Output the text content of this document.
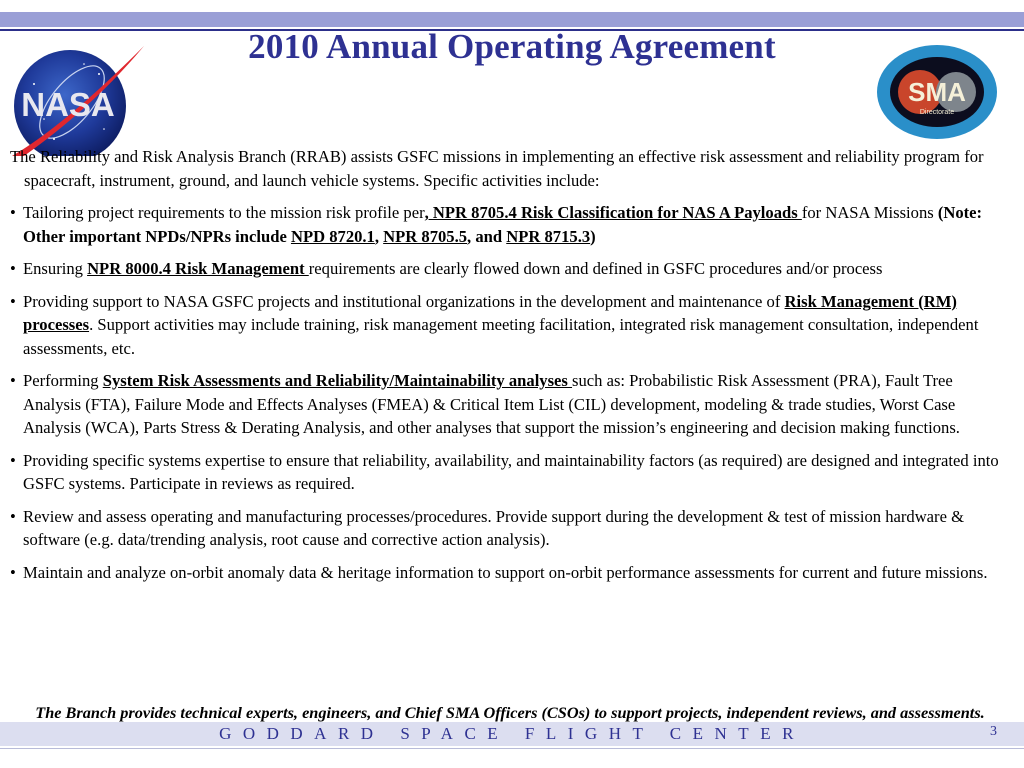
2010 Annual Operating Agreement
NASA	SMA
Directorate

The Reliability and Risk Analysis Branch (RRAB) assists GSFC missions in implementing an effective risk assessment and reliability program for spacecraft, instrument, ground, and launch vehicle systems. Specific activities include:

• Tailoring project requirements to the mission risk profile per, NPR 8705.4 Risk Classification for NAS A Payloads for NASA Missions (Note: Other important NPDs/NPRs include NPD 8720.1, NPR 8705.5, and NPR 8715.3)
• Ensuring NPR 8000.4 Risk Management requirements are clearly flowed down and defined in GSFC procedures and/or process
• Providing support to NASA GSFC projects and institutional organizations in the development and maintenance of Risk Management (RM) processes. Support activities may include training, risk management meeting facilitation, integrated risk management consultation, independent assessments, etc.
• Performing System Risk Assessments and Reliability/Maintainability analyses such as: Probabilistic Risk Assessment (PRA), Fault Tree Analysis (FTA), Failure Mode and Effects Analyses (FMEA) & Critical Item List (CIL) development, modeling & trade studies, Worst Case Analysis (WCA), Parts Stress & Derating Analysis, and other analyses that support the mission’s engineering and decision making functions.
• Providing specific systems expertise to ensure that reliability, availability, and maintainability factors (as required) are designed and integrated into GSFC systems. Participate in reviews as required.
• Review and assess operating and manufacturing processes/procedures. Provide support during the development & test of mission hardware & software (e.g. data/trending analysis, root cause and corrective action analysis).
• Maintain and analyze on-orbit anomaly data & heritage information to support on-orbit performance assessments for current and future missions.
GODDARD SPACE FLIGHT CENTER	3

The Branch provides technical experts, engineers, and Chief SMA Officers (CSOs) to support projects, independent reviews, and assessments.
